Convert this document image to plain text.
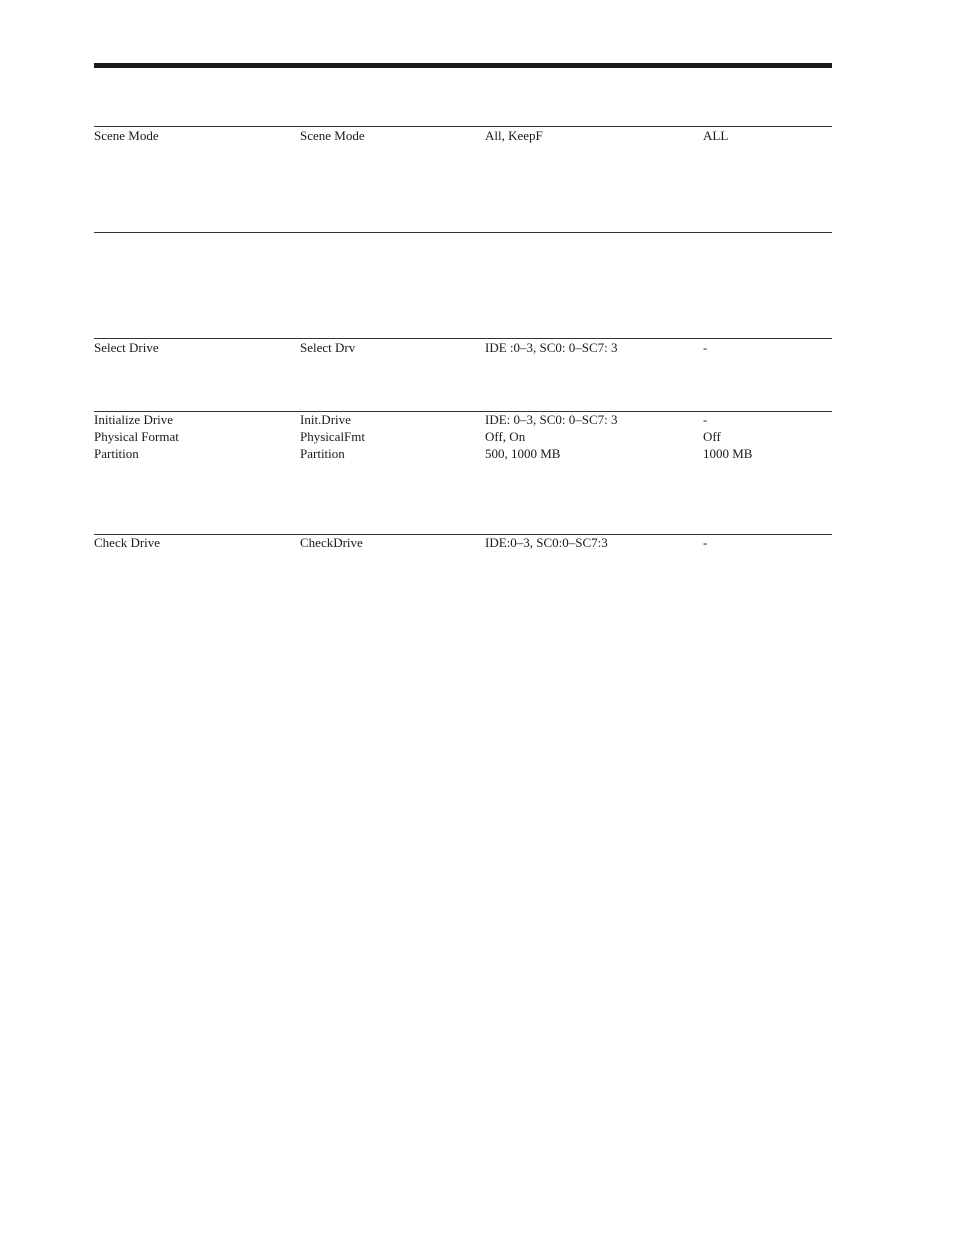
Scene Mode	Scene Mode	All, KeepF	ALL
Select Drive	Select Drv	IDE :0–3, SC0: 0–SC7: 3	-
Initialize Drive	Init.Drive	IDE: 0–3, SC0: 0–SC7: 3	-
Physical Format	PhysicalFmt	Off, On	Off
Partition	Partition	500, 1000 MB	1000 MB
Check Drive	CheckDrive	IDE:0–3, SC0:0–SC7:3	-
